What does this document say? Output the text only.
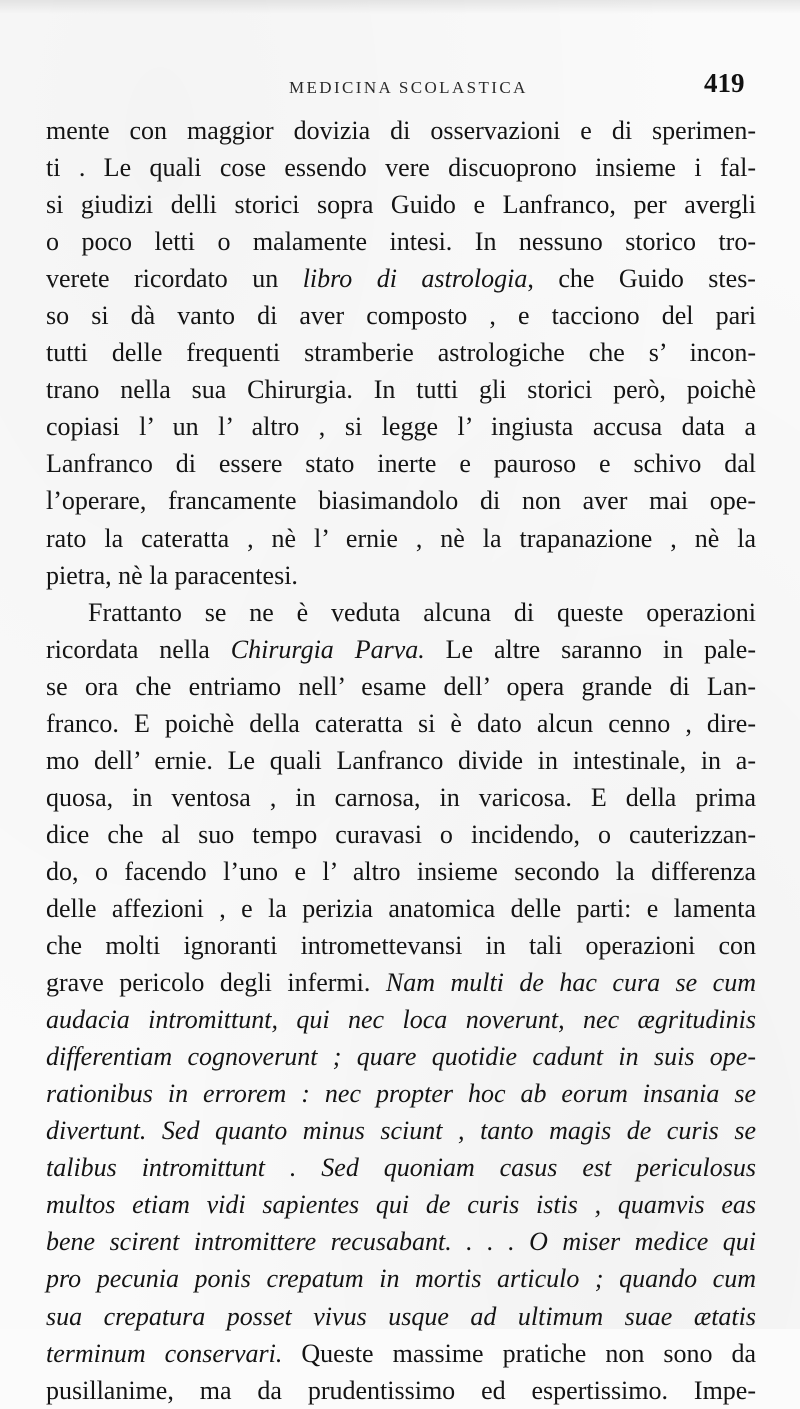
MEDICINA SCOLASTICA	419
mente con maggior dovizia di osservazioni e di sperimen-
ti . Le quali cose essendo vere discuoprono insieme i fal-
si giudizi delli storici sopra Guido e Lanfranco, per avergli
o poco letti o malamente intesi. In nessuno storico tro-
verete ricordato un libro di astrologia, che Guido stes-
so si dà vanto di aver composto , e tacciono del pari
tutti delle frequenti stramberie astrologiche che s’ incon-
trano nella sua Chirurgia. In tutti gli storici però, poichè
copiasi l’ un l’ altro , si legge l’ ingiusta accusa data a
Lanfranco di essere stato inerte e pauroso e schivo dal
l’operare, francamente biasimandolo di non aver mai ope-
rato la cateratta , nè l’ ernie , nè la trapanazione , nè la
pietra, nè la paracentesi.
Frattanto se ne è veduta alcuna di queste operazioni
ricordata nella Chirurgia Parva. Le altre saranno in pale-
se ora che entriamo nell’ esame dell’ opera grande di Lan-
franco. E poichè della cateratta si è dato alcun cenno , dire-
mo dell’ ernie. Le quali Lanfranco divide in intestinale, in a-
quosa, in ventosa , in carnosa, in varicosa. E della prima
dice che al suo tempo curavasi o incidendo, o cauterizzan-
do, o facendo l’uno e l’ altro insieme secondo la differenza
delle affezioni , e la perizia anatomica delle parti: e lamenta
che molti ignoranti intromettevansi in tali operazioni con
grave pericolo degli infermi. Nam multi de hac cura se cum
audacia intromittunt, qui nec loca noverunt, nec ægritudinis
differentiam cognoverunt ; quare quotidie cadunt in suis ope-
rationibus in errorem : nec propter hoc ab eorum insania se
divertunt. Sed quanto minus sciunt , tanto magis de curis se
talibus intromittunt . Sed quoniam casus est periculosus
multos etiam vidi sapientes qui de curis istis , quamvis eas
bene scirent intromittere recusabant. . . . O miser medice qui
pro pecunia ponis crepatum in mortis articulo ; quando cum
sua crepatura posset vivus usque ad ultimum suae ætatis
terminum conservari. Queste massime pratiche non sono da
pusillanime, ma da prudentissimo ed espertissimo. Impe-
